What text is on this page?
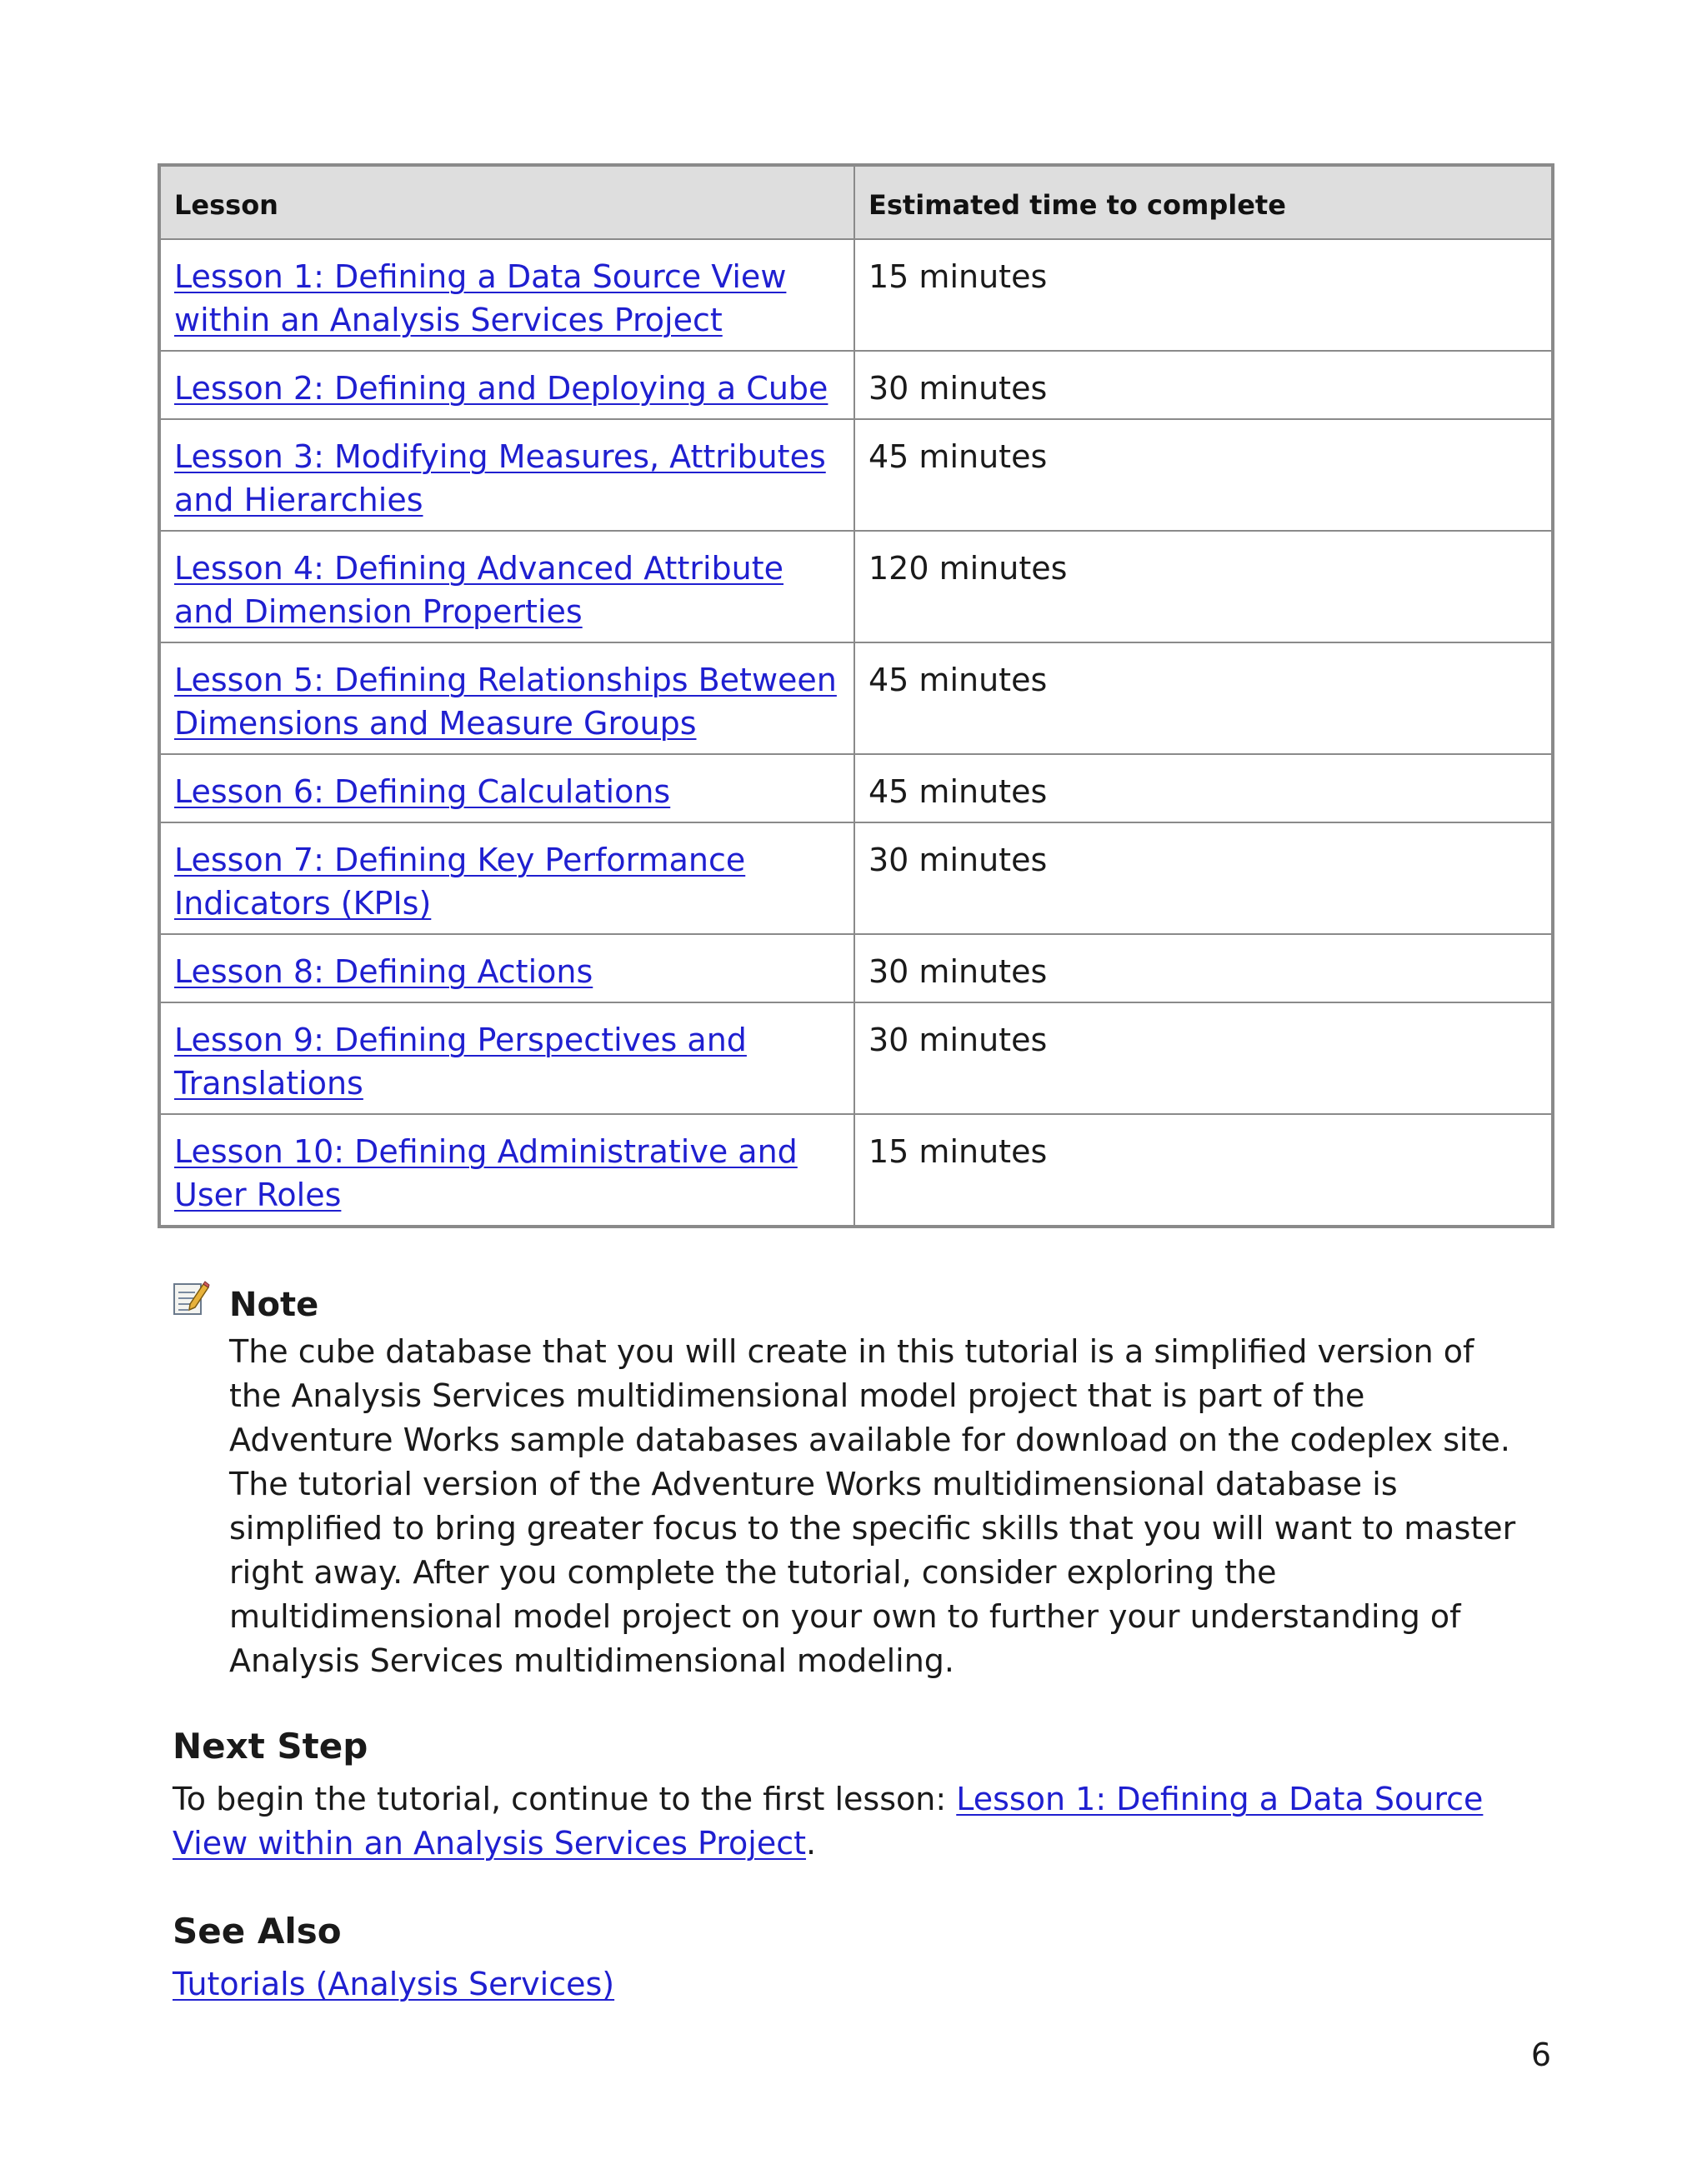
Lesson	Estimated time to complete
Lesson 1: Defining a Data Source View within an Analysis Services Project	15 minutes
Lesson 2: Defining and Deploying a Cube	30 minutes
Lesson 3: Modifying Measures, Attributes and Hierarchies	45 minutes
Lesson 4: Defining Advanced Attribute and Dimension Properties	120 minutes
Lesson 5: Defining Relationships Between Dimensions and Measure Groups	45 minutes
Lesson 6: Defining Calculations	45 minutes
Lesson 7: Defining Key Performance Indicators (KPIs)	30 minutes
Lesson 8: Defining Actions	30 minutes
Lesson 9: Defining Perspectives and Translations	30 minutes
Lesson 10: Defining Administrative and User Roles	15 minutes
Note
The cube database that you will create in this tutorial is a simplified version of the Analysis Services multidimensional model project that is part of the Adventure Works sample databases available for download on the codeplex site. The tutorial version of the Adventure Works multidimensional database is simplified to bring greater focus to the specific skills that you will want to master right away. After you complete the tutorial, consider exploring the multidimensional model project on your own to further your understanding of Analysis Services multidimensional modeling.
Next Step
To begin the tutorial, continue to the first lesson: Lesson 1: Defining a Data Source View within an Analysis Services Project.
See Also
Tutorials (Analysis Services)
6
